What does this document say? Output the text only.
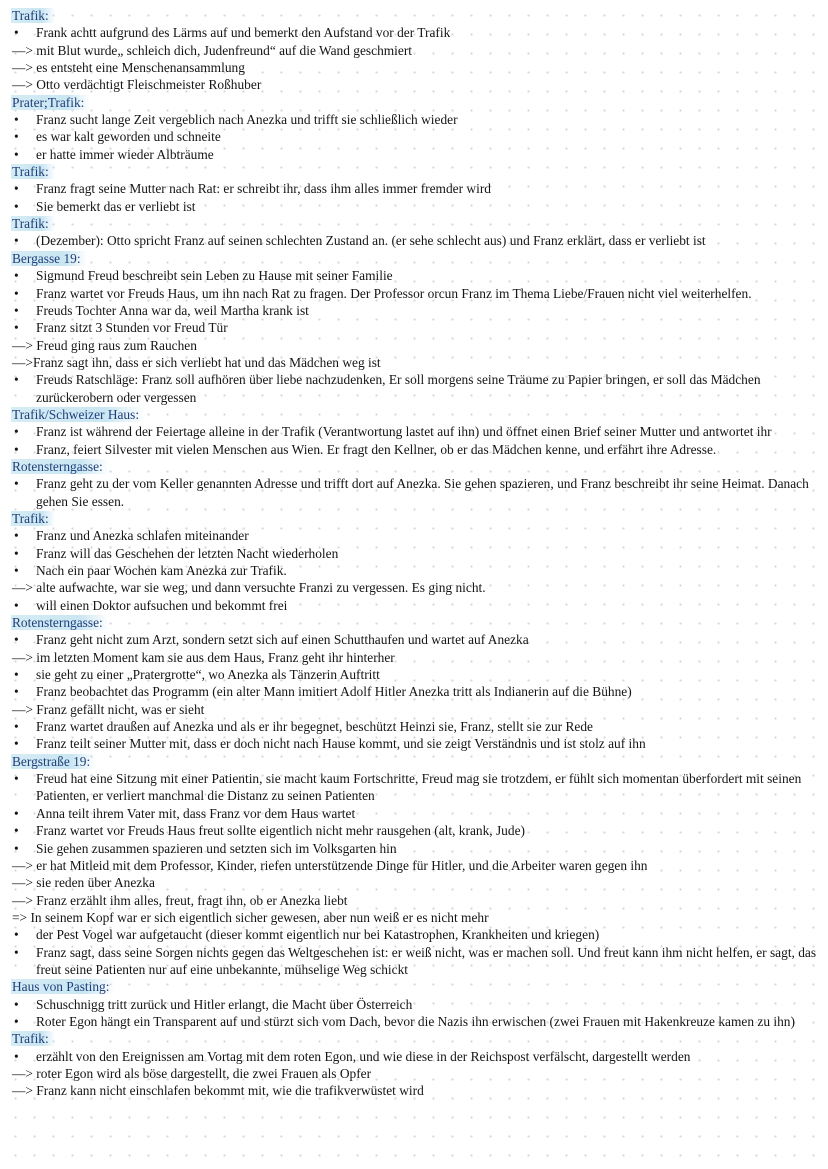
Trafik:
•	Frank achtt aufgrund des Lärms auf und bemerkt den Aufstand vor der Trafik
—> mit Blut wurde„ schleich dich, Judenfreund“ auf die Wand geschmiert
—> es entsteht eine Menschenansammlung
—> Otto verdächtigt Fleischmeister Roßhuber
Prater;Trafik:
•	Franz sucht lange Zeit vergeblich nach Anezka und trifft sie schließlich wieder
•	es war kalt geworden und schneite
•	er hatte immer wieder Albträume
Trafik:
•	Franz fragt seine Mutter nach Rat: er schreibt ihr, dass ihm alles immer fremder wird
•	Sie bemerkt das er verliebt ist
Trafik:
•	(Dezember): Otto spricht Franz auf seinen schlechten Zustand an. (er sehe schlecht aus) und Franz erklärt, dass er verliebt ist
Bergasse 19:
•	Sigmund Freud beschreibt sein Leben zu Hause mit seiner Familie
•	Franz wartet vor Freuds Haus, um ihn nach Rat zu fragen. Der Professor orcun Franz im Thema Liebe/Frauen nicht viel weiterhelfen.
•	Freuds Tochter Anna war da, weil Martha krank ist
•	Franz sitzt 3 Stunden vor Freud Tür
—> Freud ging raus zum Rauchen
—>Franz sagt ihn, dass er sich verliebt hat und das Mädchen weg ist
•	Freuds Ratschläge: Franz soll aufhören über liebe nachzudenken, Er soll morgens seine Träume zu Papier bringen, er soll das Mädchen zurückerobern oder vergessen
Trafik/Schweizer Haus:
•	Franz ist während der Feiertage alleine in der Trafik (Verantwortung lastet auf ihn) und öffnet einen Brief seiner Mutter und antwortet ihr
•	Franz, feiert Silvester mit vielen Menschen aus Wien. Er fragt den Kellner, ob er das Mädchen kenne, und erfährt ihre Adresse.
Rotensterngasse:
•	Franz geht zu der vom Keller genannten Adresse und trifft dort auf Anezka. Sie gehen spazieren, und Franz beschreibt ihr seine Heimat. Danach gehen Sie essen.
Trafik:
•	Franz und Anezka schlafen miteinander
•	Franz will das Geschehen der letzten Nacht wiederholen
•	Nach ein paar Wochen kam Anezka zur Trafik.
—> alte aufwachte, war sie weg, und dann versuchte Franzi zu vergessen. Es ging nicht.
•	will einen Doktor aufsuchen und bekommt frei
Rotensterngasse:
•	Franz geht nicht zum Arzt, sondern setzt sich auf einen Schutthaufen und wartet auf Anezka
—> im letzten Moment kam sie aus dem Haus, Franz geht ihr hinterher
•	sie geht zu einer „Pratergrotte“, wo Anezka als Tänzerin Auftritt
•	Franz beobachtet das Programm (ein alter Mann imitiert Adolf Hitler Anezka tritt als Indianerin auf die Bühne)
—> Franz gefällt nicht, was er sieht
•	Franz wartet draußen auf Anezka und als er ihr begegnet, beschützt Heinzi sie, Franz, stellt sie zur Rede
•	Franz teilt seiner Mutter mit, dass er doch nicht nach Hause kommt, und sie zeigt Verständnis und ist stolz auf ihn
Bergstraße 19:
•	Freud hat eine Sitzung mit einer Patientin, sie macht kaum Fortschritte, Freud mag sie trotzdem, er fühlt sich momentan überfordert mit seinen Patienten, er verliert manchmal die Distanz zu seinen Patienten
•	Anna teilt ihrem Vater mit, dass Franz vor dem Haus wartet
•	Franz wartet vor Freuds Haus freut sollte eigentlich nicht mehr rausgehen (alt, krank, Jude)
•	Sie gehen zusammen spazieren und setzten sich im Volksgarten hin
—> er hat Mitleid mit dem Professor, Kinder, riefen unterstützende Dinge für Hitler, und die Arbeiter waren gegen ihn
—> sie reden über Anezka
—> Franz erzählt ihm alles, freut, fragt ihn, ob er Anezka liebt
=> In seinem Kopf war er sich eigentlich sicher gewesen, aber nun weiß er es nicht mehr
•	der Pest Vogel war aufgetaucht (dieser kommt eigentlich nur bei Katastrophen, Krankheiten und kriegen)
•	Franz sagt, dass seine Sorgen nichts gegen das Weltgeschehen ist: er weiß nicht, was er machen soll. Und freut kann ihm nicht helfen, er sagt, das freut seine Patienten nur auf eine unbekannte, mühselige Weg schickt
Haus von Pasting:
•	Schuschnigg tritt zurück und Hitler erlangt, die Macht über Österreich
•	Roter Egon hängt ein Transparent auf und stürzt sich vom Dach, bevor die Nazis ihn erwischen (zwei Frauen mit Hakenkreuze kamen zu ihn)
Trafik:
•	erzählt von den Ereignissen am Vortag mit dem roten Egon, und wie diese in der Reichspost verfälscht, dargestellt werden
—> roter Egon wird als böse dargestellt, die zwei Frauen als Opfer
—> Franz kann nicht einschlafen bekommt mit, wie die trafikverwüstet wird
